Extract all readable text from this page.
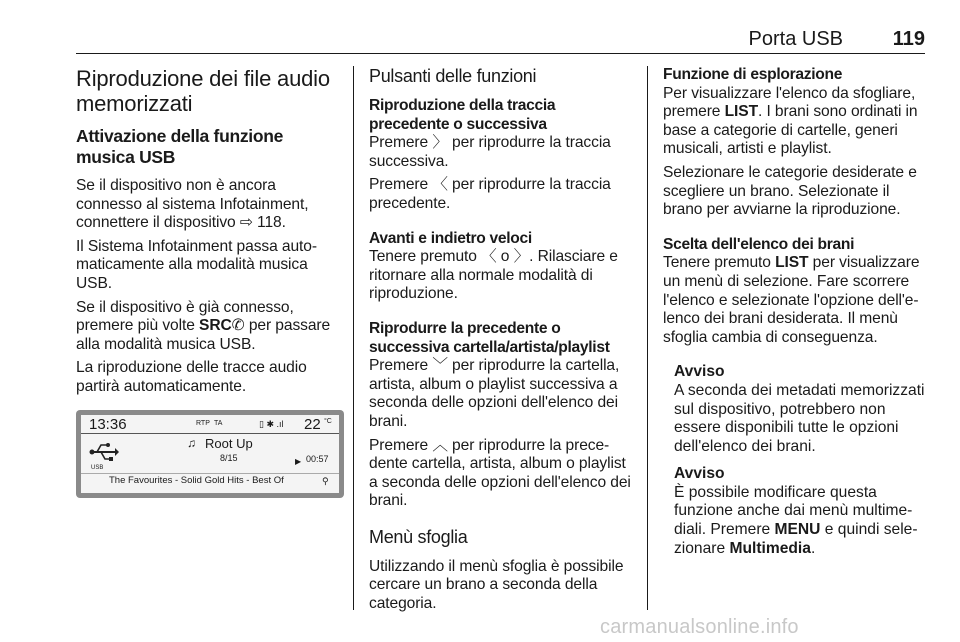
Porta USB 119
Riproduzione dei file audio memorizzati
Attivazione della funzione musica USB

Se il dispositivo non è ancora connesso al sistema Infotainment, connettere il dispositivo ⇨ 118.

Il Sistema Infotainment passa auto-maticamente alla modalità musica USB.

Se il dispositivo è già connesso, premere più volte SRC✆ per passare alla modalità musica USB.

La riproduzione delle tracce audio partirà automaticamente.

13:36	RTP TA	▯ ✱ .ıl 22 °C
USB
♫ Root Up
8/15	▶ 00:57
The Favourites - Solid Gold Hits - Best Of	⚲
Pulsanti delle funzioni
Riproduzione della traccia precedente o successiva

Premere 〉 per riprodurre la traccia successiva.

Premere 〈 per riprodurre la traccia precedente.

Avanti e indietro veloci

Tenere premuto 〈 o 〉. Rilasciare e ritornare alla normale modalità di riproduzione.

Riprodurre la precedente o successiva cartella/artista/playlist

Premere ﹀ per riprodurre la cartella, artista, album o playlist successiva a seconda delle opzioni dell'elenco dei brani.

Premere ︿ per riprodurre la prece-dente cartella, artista, album o playlist a seconda delle opzioni dell'elenco dei brani.

Menù sfoglia

Utilizzando il menù sfoglia è possibile cercare un brano a seconda della categoria.

Funzione di esplorazione

Per visualizzare l'elenco da sfogliare, premere LIST. I brani sono ordinati in base a categorie di cartelle, generi musicali, artisti e playlist.

Selezionare le categorie desiderate e scegliere un brano. Selezionate il brano per avviarne la riproduzione.

Scelta dell'elenco dei brani

Tenere premuto LIST per visualizzare un menù di selezione. Fare scorrere l'elenco e selezionate l'opzione dell'e-lenco dei brani desiderata. Il menù sfoglia cambia di conseguenza.

Avviso
A seconda dei metadati memorizzati sul dispositivo, potrebbero non essere disponibili tutte le opzioni dell'elenco dei brani.
Avviso
È possibile modificare questa funzione anche dai menù multime-diali. Premere MENU e quindi sele-zionare Multimedia.
carmanualsonline.info
